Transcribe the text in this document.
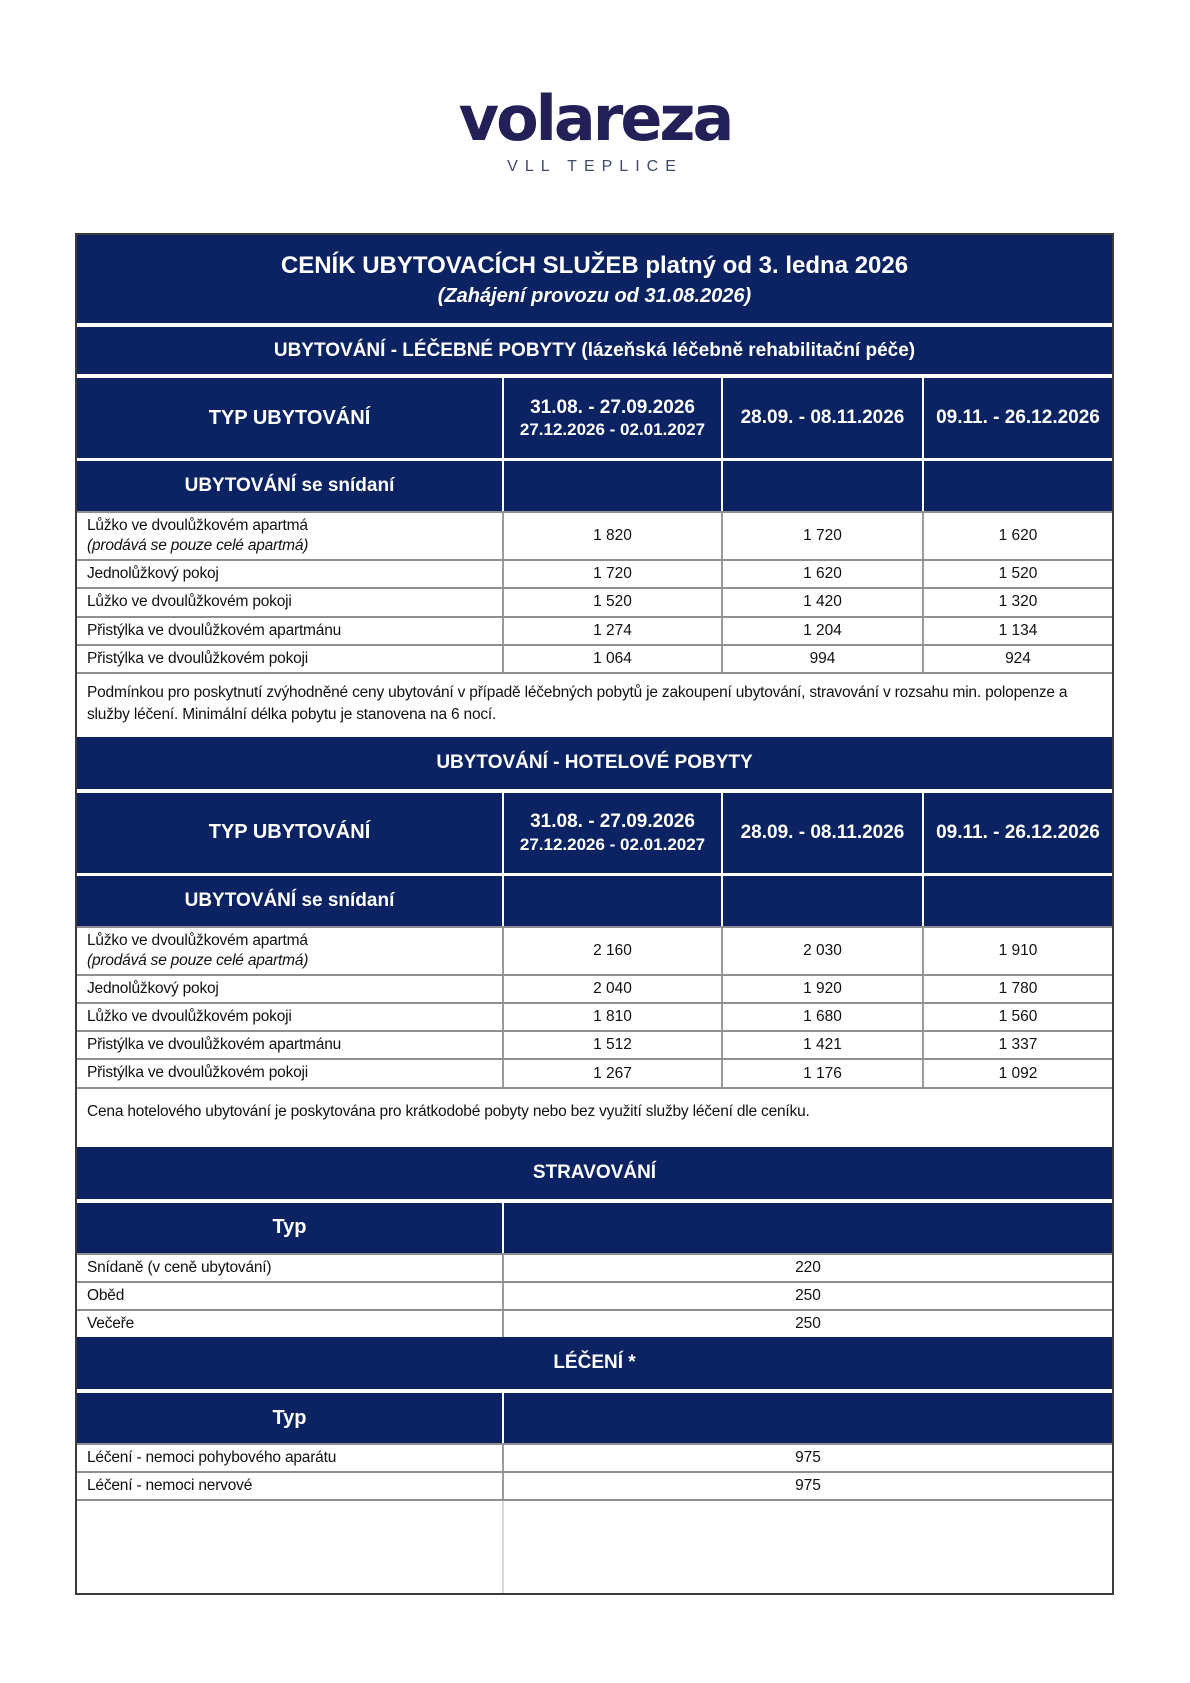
volareza
VLL TEPLICE
CENÍK UBYTOVACÍCH SLUŽEB platný od 3. ledna 2026
(Zahájení provozu od 31.08.2026)
UBYTOVÁNÍ - LÉČEBNÉ POBYTY (lázeňská léčebně rehabilitační péče)
TYP UBYTOVÁNÍ	31.08. - 27.09.2026
27.12.2026 - 02.01.2027
28.09. - 08.11.2026	09.11. - 26.12.2026
UBYTOVÁNÍ se snídaní
Lůžko ve dvoulůžkovém apartmá
(prodává se pouze celé apartmá)
1 820	1 720	1 620
Jednolůžkový pokoj	1 720	1 620	1 520
Lůžko ve dvoulůžkovém pokoji	1 520	1 420	1 320
Přistýlka ve dvoulůžkovém apartmánu	1 274	1 204	1 134
Přistýlka ve dvoulůžkovém pokoji	1 064	994	924
Podmínkou pro poskytnutí zvýhodněné ceny ubytování v případě léčebných pobytů je zakoupení ubytování, stravování v rozsahu min. polopenze a služby léčení. Minimální délka pobytu je stanovena na 6 nocí.
UBYTOVÁNÍ - HOTELOVÉ POBYTY
TYP UBYTOVÁNÍ	31.08. - 27.09.2026
27.12.2026 - 02.01.2027
28.09. - 08.11.2026	09.11. - 26.12.2026
UBYTOVÁNÍ se snídaní
Lůžko ve dvoulůžkovém apartmá
(prodává se pouze celé apartmá)
2 160	2 030	1 910
Jednolůžkový pokoj	2 040	1 920	1 780
Lůžko ve dvoulůžkovém pokoji	1 810	1 680	1 560
Přistýlka ve dvoulůžkovém apartmánu	1 512	1 421	1 337
Přistýlka ve dvoulůžkovém pokoji	1 267	1 176	1 092
Cena hotelového ubytování je poskytována pro krátkodobé pobyty nebo bez využití služby léčení dle ceníku.
STRAVOVÁNÍ
Typ
Snídaně (v ceně ubytování)	220
Oběd	250
Večeře	250
LÉČENÍ *
Typ
Léčení - nemoci pohybového aparátu	975
Léčení - nemoci nervové	975
